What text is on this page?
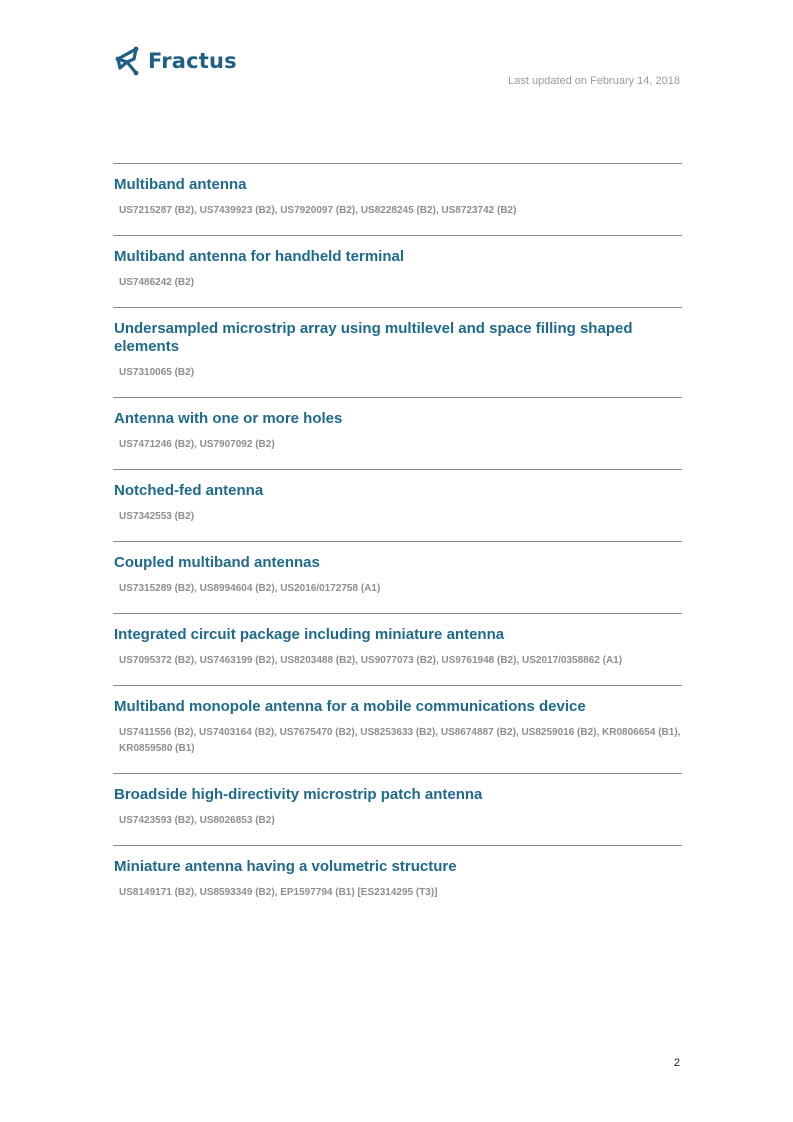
Fractus
Last updated on February 14, 2018
Multiband antenna
US7215287 (B2), US7439923 (B2), US7920097 (B2), US8228245 (B2), US8723742 (B2)
Multiband antenna for handheld terminal
US7486242 (B2)
Undersampled microstrip array using multilevel and space filling shaped elements
US7310065 (B2)
Antenna with one or more holes
US7471246 (B2), US7907092 (B2)
Notched-fed antenna
US7342553 (B2)
Coupled multiband antennas
US7315289 (B2), US8994604 (B2), US2016/0172758 (A1)
Integrated circuit package including miniature antenna
US7095372 (B2), US7463199 (B2), US8203488 (B2), US9077073 (B2), US9761948 (B2), US2017/0358862 (A1)
Multiband monopole antenna for a mobile communications device
US7411556 (B2), US7403164 (B2), US7675470 (B2), US8253633 (B2), US8674887 (B2), US8259016 (B2), KR0806654 (B1), KR0859580 (B1)
Broadside high-directivity microstrip patch antenna
US7423593 (B2), US8026853 (B2)
Miniature antenna having a volumetric structure
US8149171 (B2), US8593349 (B2), EP1597794 (B1) [ES2314295 (T3)]
2
